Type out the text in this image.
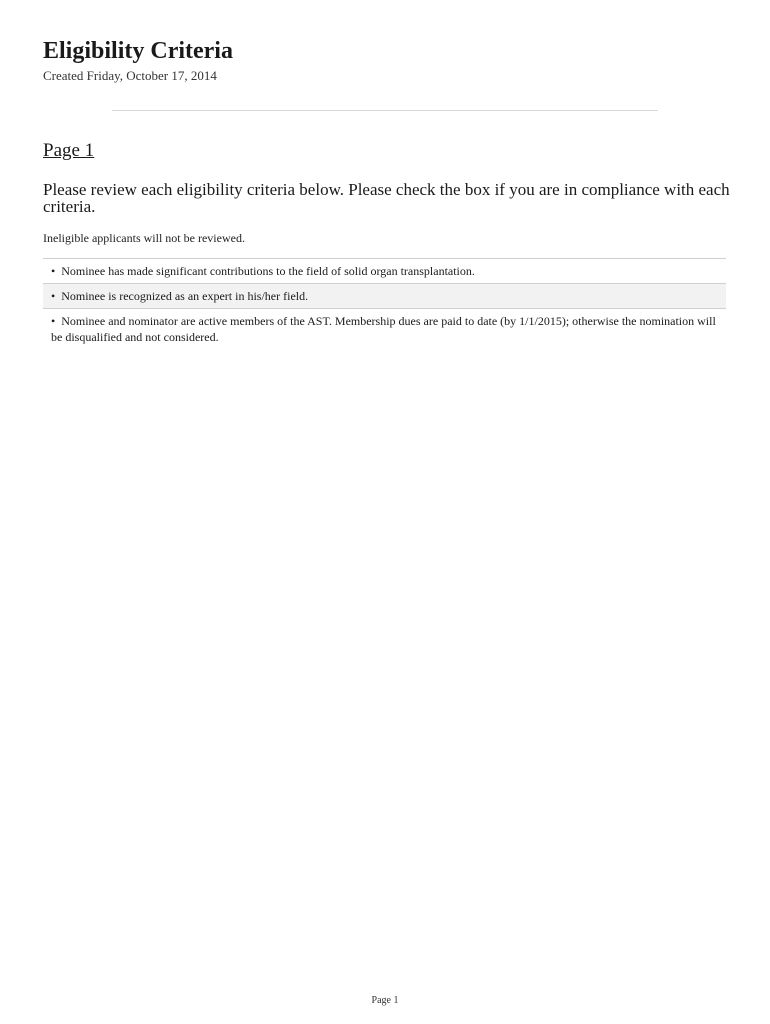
Eligibility Criteria
Created Friday, October 17, 2014
Page 1
Please review each eligibility criteria below. Please check the box if you are in compliance with each criteria.
Ineligible applicants will not be reviewed.
• Nominee has made significant contributions to the field of solid organ transplantation.
• Nominee is recognized as an expert in his/her field.
• Nominee and nominator are active members of the AST. Membership dues are paid to date (by 1/1/2015); otherwise the nomination will be disqualified and not considered.
Page 1
